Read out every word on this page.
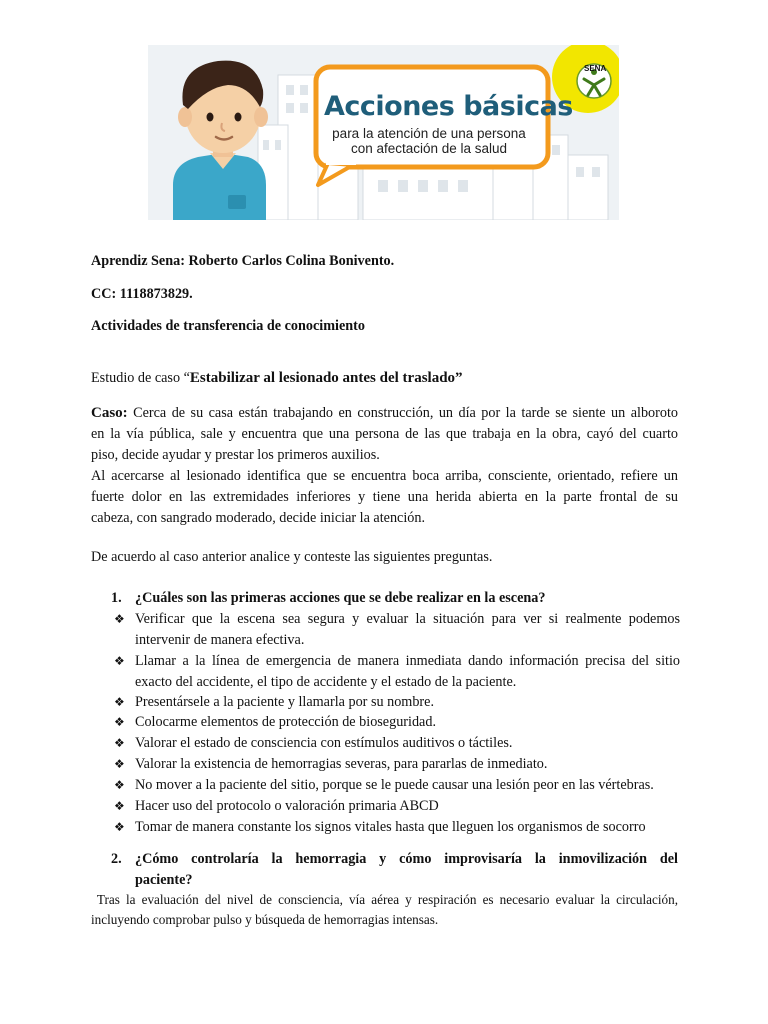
Acciones básicas
para la atención de una persona
con afectación de la salud
SENA
Aprendiz Sena: Roberto Carlos Colina Bonivento.
CC: 1118873829.
Actividades de transferencia de conocimiento
Estudio de caso “Estabilizar al lesionado antes del traslado”
Caso: Cerca de su casa están trabajando en construcción, un día por la tarde se siente un alboroto
en la vía pública, sale y encuentra que una persona de las que trabaja en la obra, cayó del cuarto
piso, decide ayudar y prestar los primeros auxilios.
Al acercarse al lesionado identifica que se encuentra boca arriba, consciente, orientado, refiere un
fuerte dolor en las extremidades inferiores y tiene una herida abierta en la parte frontal de su
cabeza, con sangrado moderado, decide iniciar la atención.
De acuerdo al caso anterior analice y conteste las siguientes preguntas.
1. ¿Cuáles son las primeras acciones que se debe realizar en la escena?
❖ Verificar que la escena sea segura y evaluar la situación para ver si realmente podemos
intervenir de manera efectiva.
❖ Llamar a la línea de emergencia de manera inmediata dando información precisa del sitio
exacto del accidente, el tipo de accidente y el estado de la paciente.
❖ Presentársele a la paciente y llamarla por su nombre.
❖ Colocarme elementos de protección de bioseguridad.
❖ Valorar el estado de consciencia con estímulos auditivos o táctiles.
❖ Valorar la existencia de hemorragias severas, para pararlas de inmediato.
❖ No mover a la paciente del sitio, porque se le puede causar una lesión peor en las vértebras.
❖ Hacer uso del protocolo o valoración primaria ABCD
❖ Tomar de manera constante los signos vitales hasta que lleguen los organismos de socorro
2. ¿Cómo controlaría la hemorragia y cómo improvisaría la inmovilización del
paciente?
Tras la evaluación del nivel de consciencia, vía aérea y respiración es necesario evaluar la circulación,
incluyendo comprobar pulso y búsqueda de hemorragias intensas.
